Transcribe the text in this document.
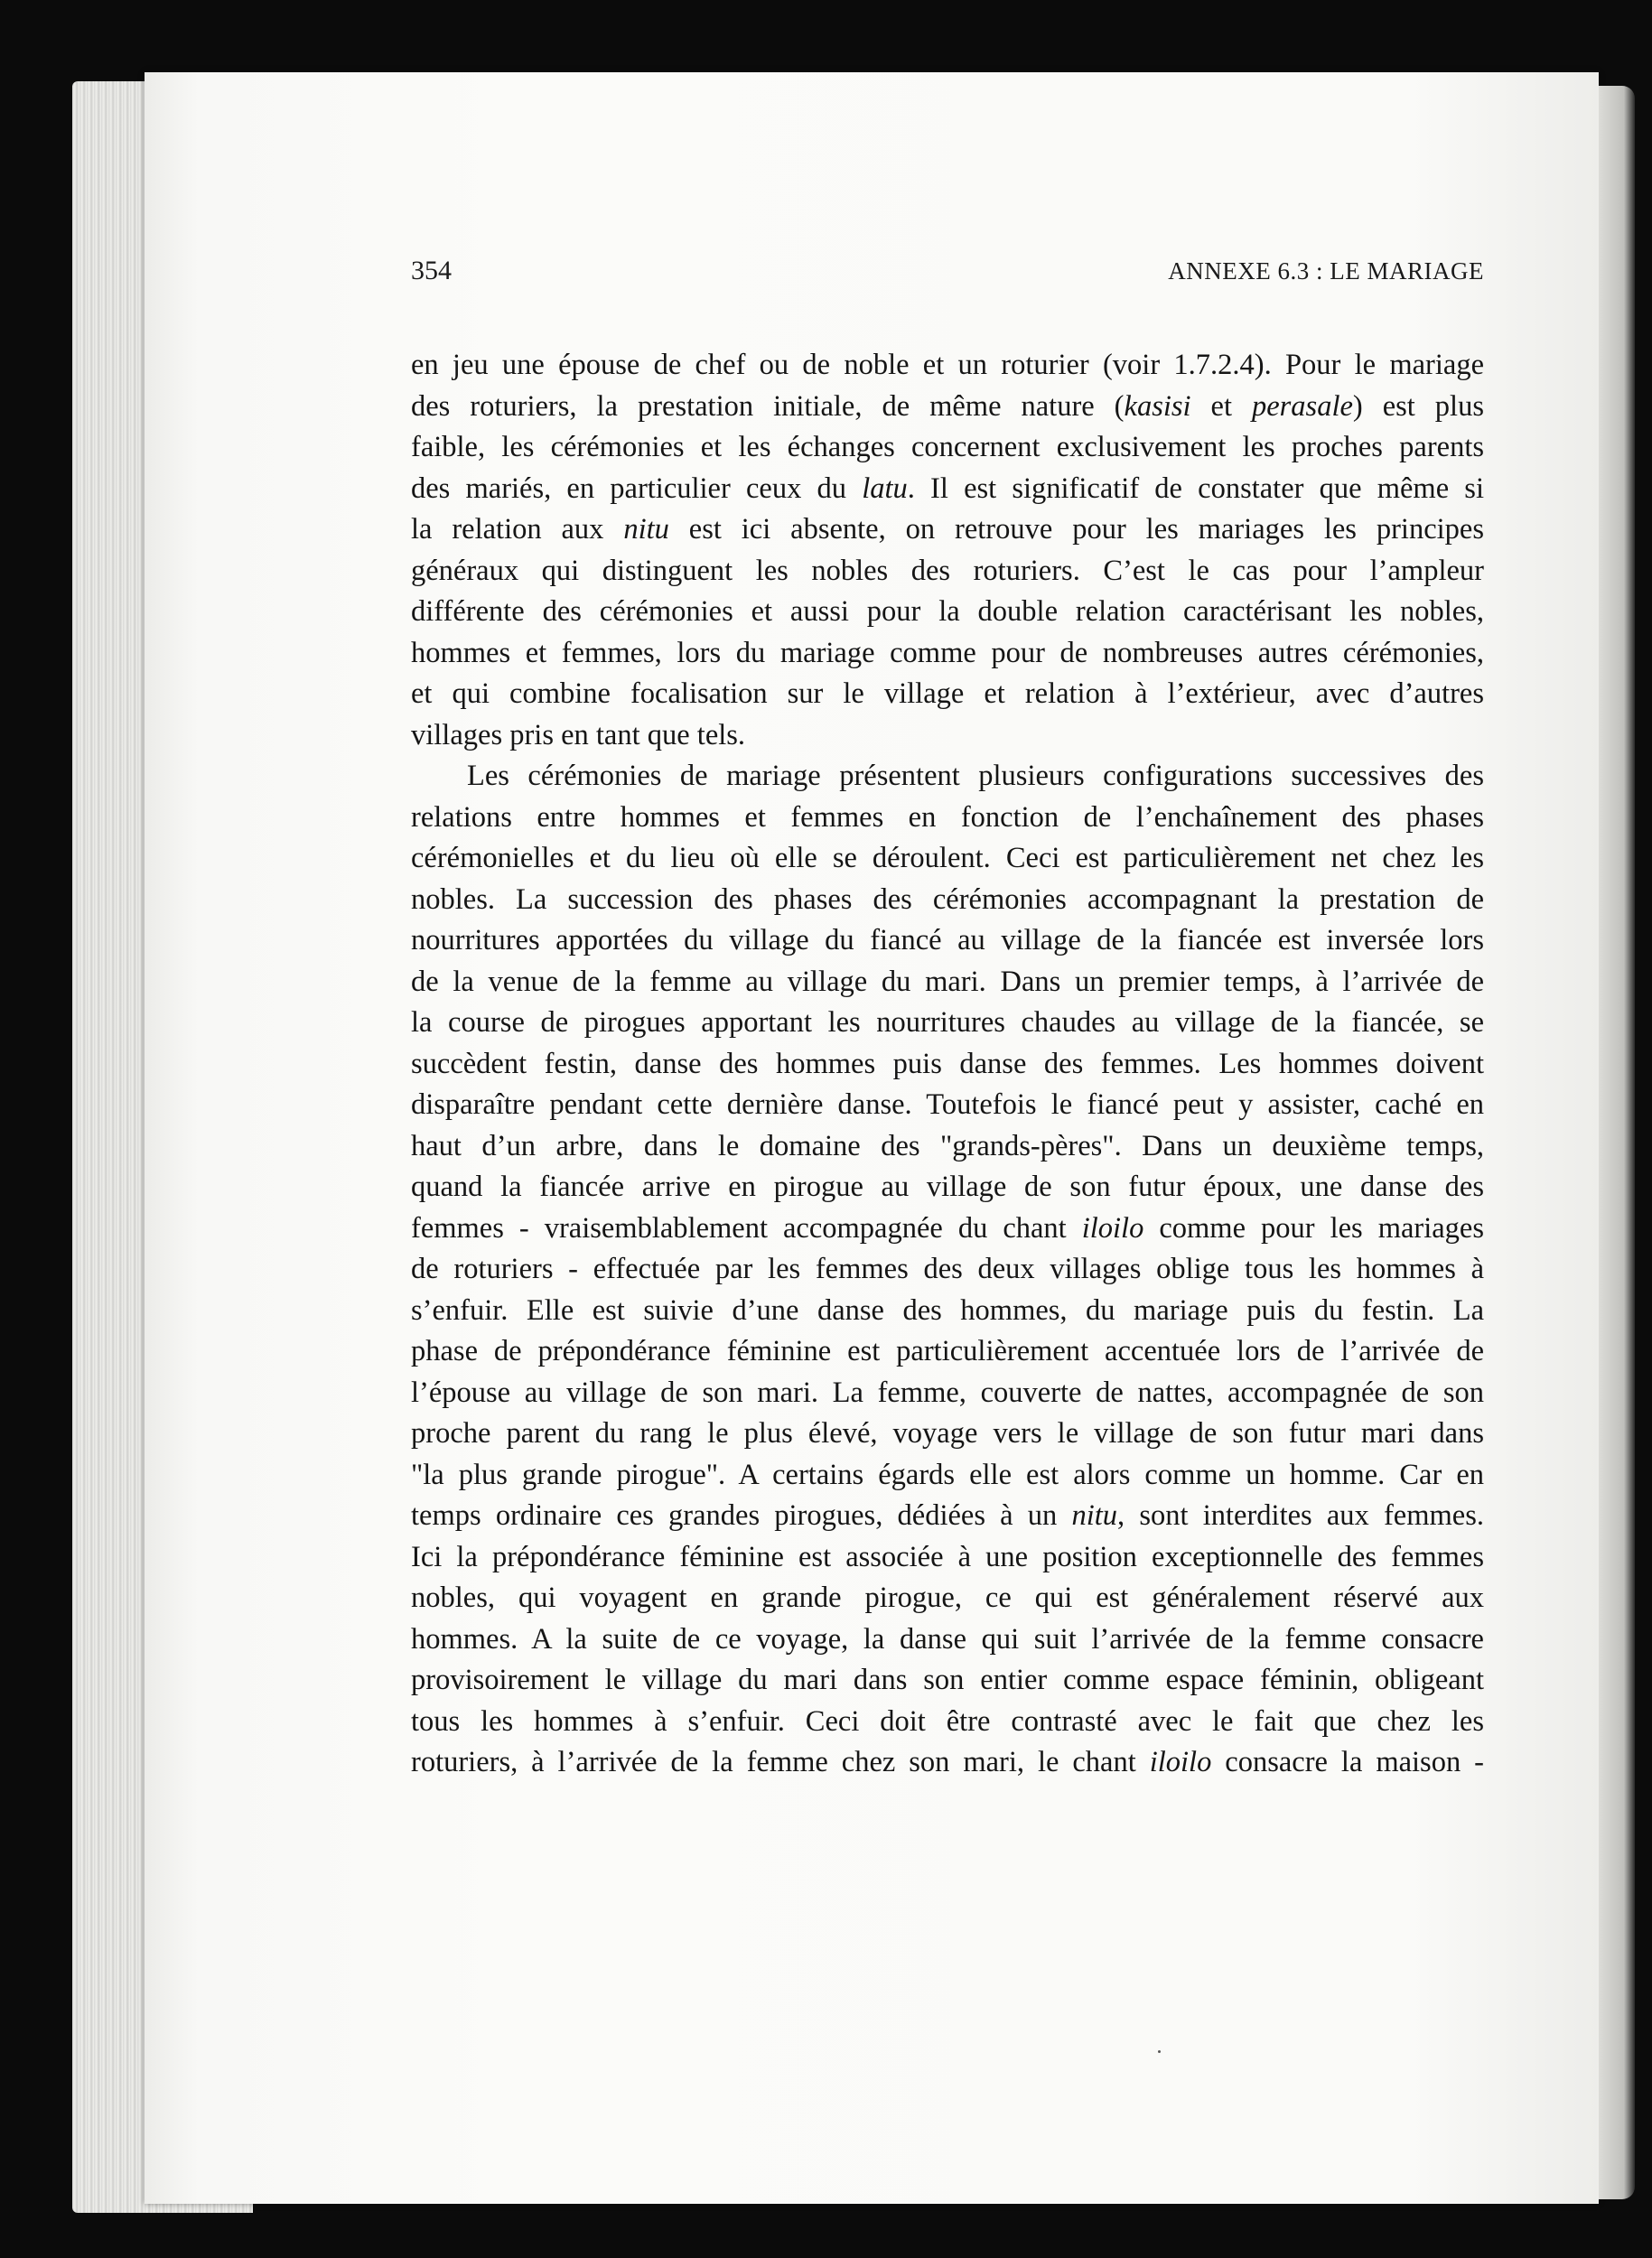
354	ANNEXE 6.3 : LE MARIAGE
en jeu une épouse de chef ou de noble et un roturier (voir 1.7.2.4). Pour le mariage
des roturiers, la prestation initiale, de même nature (kasisi et perasale) est plus
faible, les cérémonies et les échanges concernent exclusivement les proches parents
des mariés, en particulier ceux du latu. Il est significatif de constater que même si
la relation aux nitu est ici absente, on retrouve pour les mariages les principes
généraux qui distinguent les nobles des roturiers. C’est le cas pour l’ampleur
différente des cérémonies et aussi pour la double relation caractérisant les nobles,
hommes et femmes, lors du mariage comme pour de nombreuses autres cérémonies,
et qui combine focalisation sur le village et relation à l’extérieur, avec d’autres
villages pris en tant que tels.
Les cérémonies de mariage présentent plusieurs configurations successives des
relations entre hommes et femmes en fonction de l’enchaînement des phases
cérémonielles et du lieu où elle se déroulent. Ceci est particulièrement net chez les
nobles. La succession des phases des cérémonies accompagnant la prestation de
nourritures apportées du village du fiancé au village de la fiancée est inversée lors
de la venue de la femme au village du mari. Dans un premier temps, à l’arrivée de
la course de pirogues apportant les nourritures chaudes au village de la fiancée, se
succèdent festin, danse des hommes puis danse des femmes. Les hommes doivent
disparaître pendant cette dernière danse. Toutefois le fiancé peut y assister, caché en
haut d’un arbre, dans le domaine des "grands-pères". Dans un deuxième temps,
quand la fiancée arrive en pirogue au village de son futur époux, une danse des
femmes - vraisemblablement accompagnée du chant iloilo comme pour les mariages
de roturiers - effectuée par les femmes des deux villages oblige tous les hommes à
s’enfuir. Elle est suivie d’une danse des hommes, du mariage puis du festin. La
phase de prépondérance féminine est particulièrement accentuée lors de l’arrivée de
l’épouse au village de son mari. La femme, couverte de nattes, accompagnée de son
proche parent du rang le plus élevé, voyage vers le village de son futur mari dans
"la plus grande pirogue". A certains égards elle est alors comme un homme. Car en
temps ordinaire ces grandes pirogues, dédiées à un nitu, sont interdites aux femmes.
Ici la prépondérance féminine est associée à une position exceptionnelle des femmes
nobles, qui voyagent en grande pirogue, ce qui est généralement réservé aux
hommes. A la suite de ce voyage, la danse qui suit l’arrivée de la femme consacre
provisoirement le village du mari dans son entier comme espace féminin, obligeant
tous les hommes à s’enfuir. Ceci doit être contrasté avec le fait que chez les
roturiers, à l’arrivée de la femme chez son mari, le chant iloilo consacre la maison -
